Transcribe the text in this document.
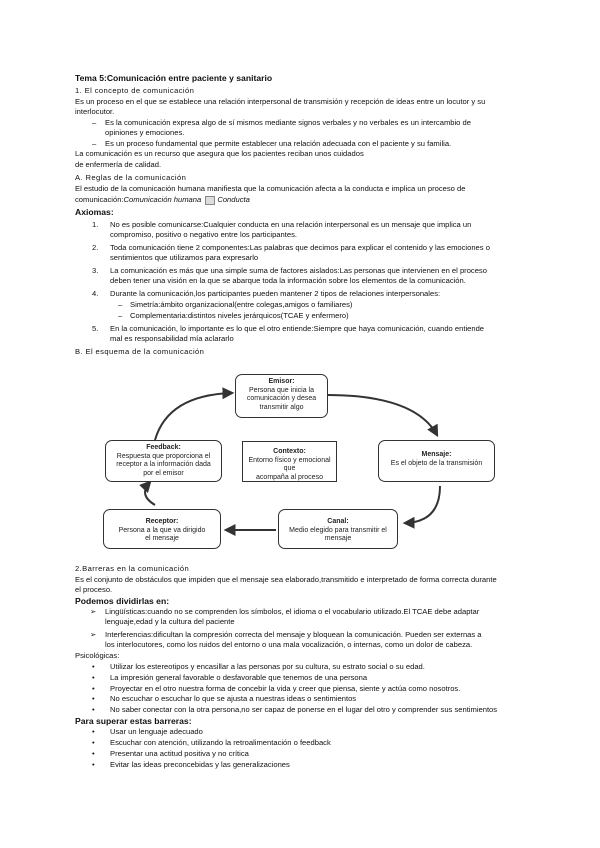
Tema 5:Comunicación entre paciente y sanitario
1. El concepto de comunicación
Es un proceso en el que se establece una relación interpersonal de transmisión y recepción de ideas entre un locutor y su
interlocutor.
– Es la comunicación expresa algo de sí mismos mediante signos verbales y no verbales es un intercambio de
opiniones y emociones.
– Es un proceso fundamental que permite establecer una relación adecuada con el paciente y su familia.
La comunicación es un recurso que asegura que los pacientes reciban unos cuidados
de enfermería de calidad.
A. Reglas de la comunicación
El estudio de la comunicación humana manifiesta que la comunicación afecta a la conducta e implica un proceso de
comunicación:Comunicación humana Conducta
Axiomas:
1. No es posible comunicarse:Cualquier conducta en una relación interpersonal es un mensaje que implica un
compromiso, positivo o negativo entre los participantes.
2. Toda comunicación tiene 2 componentes:Las palabras que decimos para explicar el contenido y las emociones o
sentimientos que utilizamos para expresarlo
3. La comunicación es más que una simple suma de factores aislados:Las personas que intervienen en el proceso
deben tener una visión en la que se abarque toda la información sobre los elementos de la comunicación.
4. Durante la comunicación,los participantes pueden mantener 2 tipos de relaciones interpersonales:
– Simetría:ámbito organizacional(entre colegas,amigos o familiares)
– Complementaria:distintos niveles jerárquicos(TCAE y enfermero)
5. En la comunicación, lo importante es lo que el otro entiende:Siempre que haya comunicación, cuando entiende
mal es responsabilidad mía aclararlo
B. El esquema de la comunicación
Emisor:
Persona que inicia la
comunicación y desea
transmitir algo
Contexto:
Entorno físico y emocional que
acompaña al proceso
Mensaje:
Es el objeto de la transmisión
Canal:
Medio elegido para transmitir el
mensaje
Receptor:
Persona a la que va dirigido
el mensaje
Feedback:
Respuesta que proporciona el
receptor a la información dada
por el emisor
2.Barreras en la comunicación
Es el conjunto de obstáculos que impiden que el mensaje sea elaborado,transmitido e interpretado de forma correcta durante
el proceso.
Podemos dividirlas en:
➢ Lingüísticas:cuando no se comprenden los símbolos, el idioma o el vocabulario utilizado.El TCAE debe adaptar
lenguaje,edad y la cultura del paciente
➢ Interferencias:dificultan la compresión correcta del mensaje y bloquean la comunicación. Pueden ser externas a
los interlocutores, como los ruidos del entorno o una mala vocalización, o internas, como un dolor de cabeza.
Psicológicas:
• Utilizar los estereotipos y encasillar a las personas por su cultura, su estrato social o su edad.
• La impresión general favorable o desfavorable que tenemos de una persona
• Proyectar en el otro nuestra forma de concebir la vida y creer que piensa, siente y actúa como nosotros.
• No escuchar o escuchar lo que se ajusta a nuestras ideas o sentimientos
• No saber conectar con la otra persona,no ser capaz de ponerse en el lugar del otro y comprender sus sentimientos
Para superar estas barreras:
• Usar un lenguaje adecuado
• Escuchar con atención, utilizando la retroalimentación o feedback
• Presentar una actitud positiva y no crítica
• Evitar las ideas preconcebidas y las generalizaciones
